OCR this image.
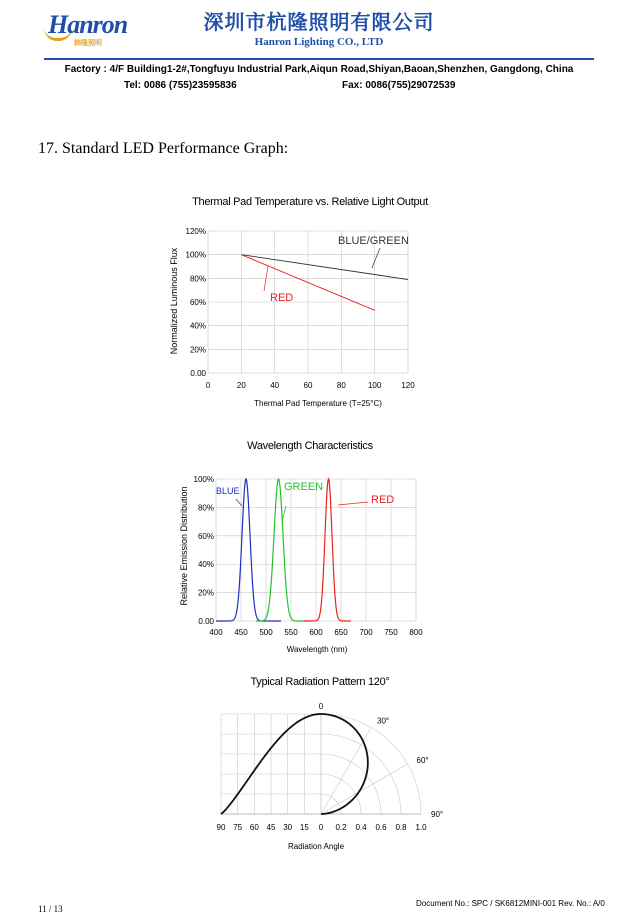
Hanron
韩隆照明
深圳市杭隆照明有限公司
Hanron Lighting CO., LTD
Factory : 4/F Building1-2#,Tongfuyu Industrial Park,Aiqun Road,Shiyan,Baoan,Shenzhen, Gangdong, China
Tel: 0086 (755)23595836	Fax: 0086(755)29072539
17. Standard LED Performance Graph:
Thermal Pad Temperature vs. Relative Light Output
0.00
20%
40%
60%
80%
100%
120%
0	20	40	60	80	100 120
Normalized Luminous Flux
Thermal Pad Temperature (T=25°C)
BLUE/GREEN
RED
Wavelength Characteristics
0.00
20%
40%
60%
80%
100%
400 450 500 550 600 650 700 750 800
Relative Emission Distribution
Wavelength (nm)
BLUE	GREEN
RED
Typical Radiation Pattern 120°
90 75 60 45 30 15 0 0.2 0.4 0.6 0.8 1.0
0
30°
60°
90°
Radiation Angle
11 / 13
Document No.: SPC / SK6812MINI-001 Rev. No.: A/0
